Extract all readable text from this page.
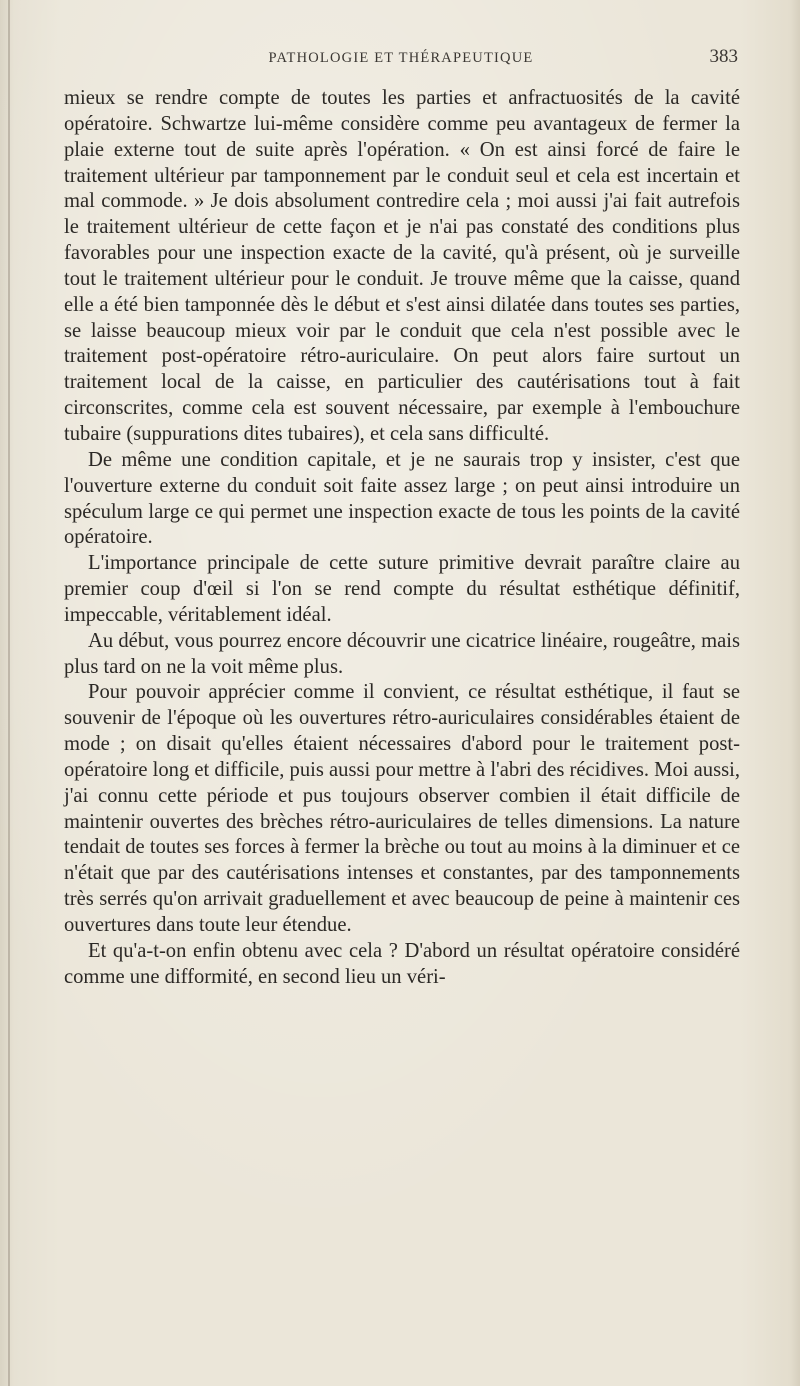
PATHOLOGIE ET THÉRAPEUTIQUE	383

mieux se rendre compte de toutes les parties et anfractuosités de la cavité opératoire. Schwartze lui-même considère comme peu avantageux de fermer la plaie externe tout de suite après l'opération. « On est ainsi forcé de faire le traitement ultérieur par tamponnement par le conduit seul et cela est incertain et mal commode. » Je dois absolument contredire cela ; moi aussi j'ai fait autrefois le traitement ultérieur de cette façon et je n'ai pas constaté des conditions plus favorables pour une inspection exacte de la cavité, qu'à présent, où je surveille tout le traitement ultérieur pour le conduit. Je trouve même que la caisse, quand elle a été bien tamponnée dès le début et s'est ainsi dilatée dans toutes ses parties, se laisse beaucoup mieux voir par le conduit que cela n'est possible avec le traitement post-opératoire rétro-auriculaire. On peut alors faire surtout un traitement local de la caisse, en particulier des cautérisations tout à fait circonscrites, comme cela est souvent nécessaire, par exemple à l'embouchure tubaire (suppurations dites tubaires), et cela sans difficulté.

De même une condition capitale, et je ne saurais trop y insister, c'est que l'ouverture externe du conduit soit faite assez large ; on peut ainsi introduire un spéculum large ce qui permet une inspection exacte de tous les points de la cavité opératoire.

L'importance principale de cette suture primitive devrait paraître claire au premier coup d'œil si l'on se rend compte du résultat esthétique définitif, impeccable, véritablement idéal.

Au début, vous pourrez encore découvrir une cicatrice linéaire, rougeâtre, mais plus tard on ne la voit même plus.

Pour pouvoir apprécier comme il convient, ce résultat esthétique, il faut se souvenir de l'époque où les ouvertures rétro-auriculaires considérables étaient de mode ; on disait qu'elles étaient nécessaires d'abord pour le traitement post-opératoire long et difficile, puis aussi pour mettre à l'abri des récidives. Moi aussi, j'ai connu cette période et pus toujours observer combien il était difficile de maintenir ouvertes des brèches rétro-auriculaires de telles dimensions. La nature tendait de toutes ses forces à fermer la brèche ou tout au moins à la diminuer et ce n'était que par des cautérisations intenses et constantes, par des tamponnements très serrés qu'on arrivait graduellement et avec beaucoup de peine à maintenir ces ouvertures dans toute leur étendue.

Et qu'a-t-on enfin obtenu avec cela ? D'abord un résultat opératoire considéré comme une difformité, en second lieu un véri-
